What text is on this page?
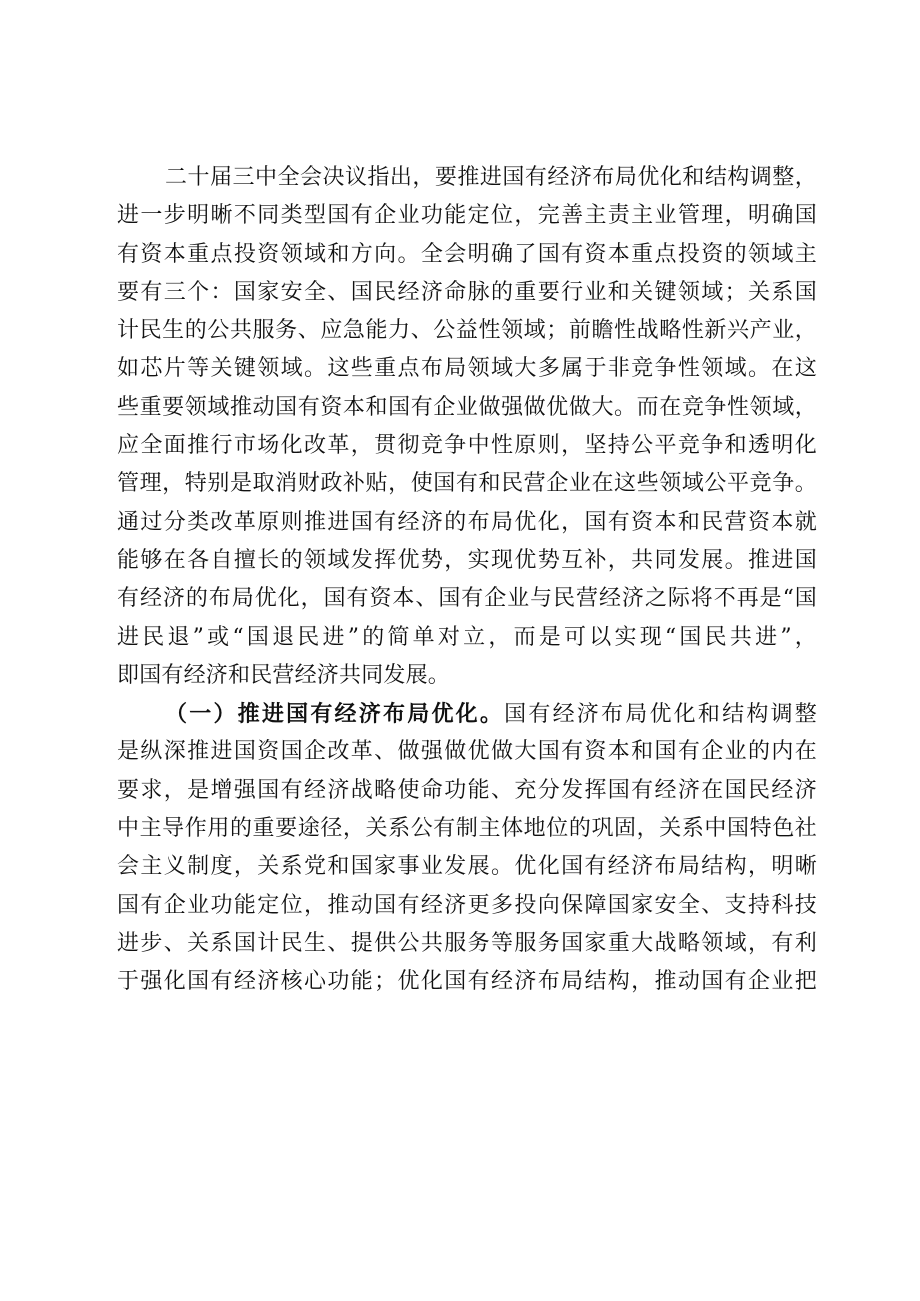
二十届三中全会决议指出，要推进国有经济布局优化和结构调整，
进一步明晰不同类型国有企业功能定位，完善主责主业管理，明确国
有资本重点投资领域和方向。全会明确了国有资本重点投资的领域主
要有三个：国家安全、国民经济命脉的重要行业和关键领域；关系国
计民生的公共服务、应急能力、公益性领域；前瞻性战略性新兴产业，
如芯片等关键领域。这些重点布局领域大多属于非竞争性领域。在这
些重要领域推动国有资本和国有企业做强做优做大。而在竞争性领域，
应全面推行市场化改革，贯彻竞争中性原则，坚持公平竞争和透明化
管理，特别是取消财政补贴，使国有和民营企业在这些领域公平竞争。
通过分类改革原则推进国有经济的布局优化，国有资本和民营资本就
能够在各自擅长的领域发挥优势，实现优势互补，共同发展。推进国
有经济的布局优化，国有资本、国有企业与民营经济之际将不再是“国
进民退”或“国退民进”的简单对立，而是可以实现“国民共进”，
即国有经济和民营经济共同发展。
（一）推进国有经济布局优化。国有经济布局优化和结构调整
是纵深推进国资国企改革、做强做优做大国有资本和国有企业的内在
要求，是增强国有经济战略使命功能、充分发挥国有经济在国民经济
中主导作用的重要途径，关系公有制主体地位的巩固，关系中国特色社
会主义制度，关系党和国家事业发展。优化国有经济布局结构，明晰
国有企业功能定位，推动国有经济更多投向保障国家安全、支持科技
进步、关系国计民生、提供公共服务等服务国家重大战略领域，有利
于强化国有经济核心功能；优化国有经济布局结构，推动国有企业把
